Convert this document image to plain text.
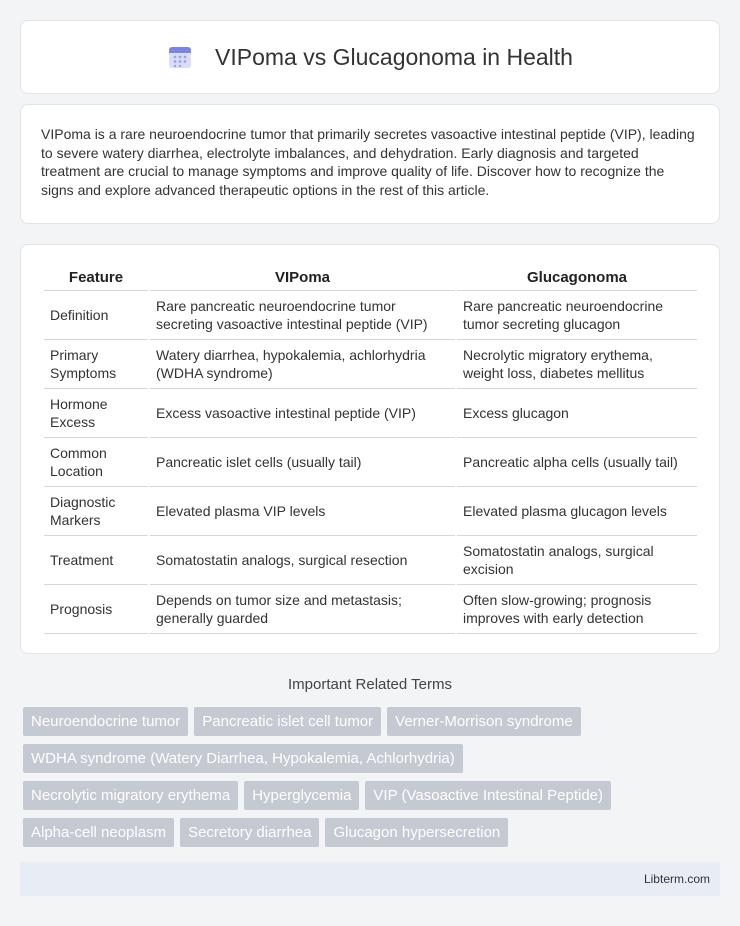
VIPoma vs Glucagonoma in Health

VIPoma is a rare neuroendocrine tumor that primarily secretes vasoactive intestinal peptide (VIP), leading to severe watery diarrhea, electrolyte imbalances, and dehydration. Early diagnosis and targeted treatment are crucial to manage symptoms and improve quality of life. Discover how to recognize the signs and explore advanced therapeutic options in the rest of this article.

Feature	VIPoma	Glucagonoma
Definition	Rare pancreatic neuroendocrine tumor secreting vasoactive intestinal peptide (VIP)	Rare pancreatic neuroendocrine tumor secreting glucagon
Primary Symptoms	Watery diarrhea, hypokalemia, achlorhydria (WDHA syndrome)	Necrolytic migratory erythema, weight loss, diabetes mellitus
Hormone Excess	Excess vasoactive intestinal peptide (VIP)	Excess glucagon
Common Location	Pancreatic islet cells (usually tail)	Pancreatic alpha cells (usually tail)
Diagnostic Markers	Elevated plasma VIP levels	Elevated plasma glucagon levels
Treatment	Somatostatin analogs, surgical resection	Somatostatin analogs, surgical excision
Prognosis	Depends on tumor size and metastasis; generally guarded	Often slow-growing; prognosis improves with early detection
Important Related Terms
Neuroendocrine tumor	Pancreatic islet cell tumor	Verner-Morrison syndrome
WDHA syndrome (Watery Diarrhea, Hypokalemia, Achlorhydria)
Necrolytic migratory erythema	Hyperglycemia	VIP (Vasoactive Intestinal Peptide)
Alpha-cell neoplasm	Secretory diarrhea	Glucagon hypersecretion
Libterm.com
